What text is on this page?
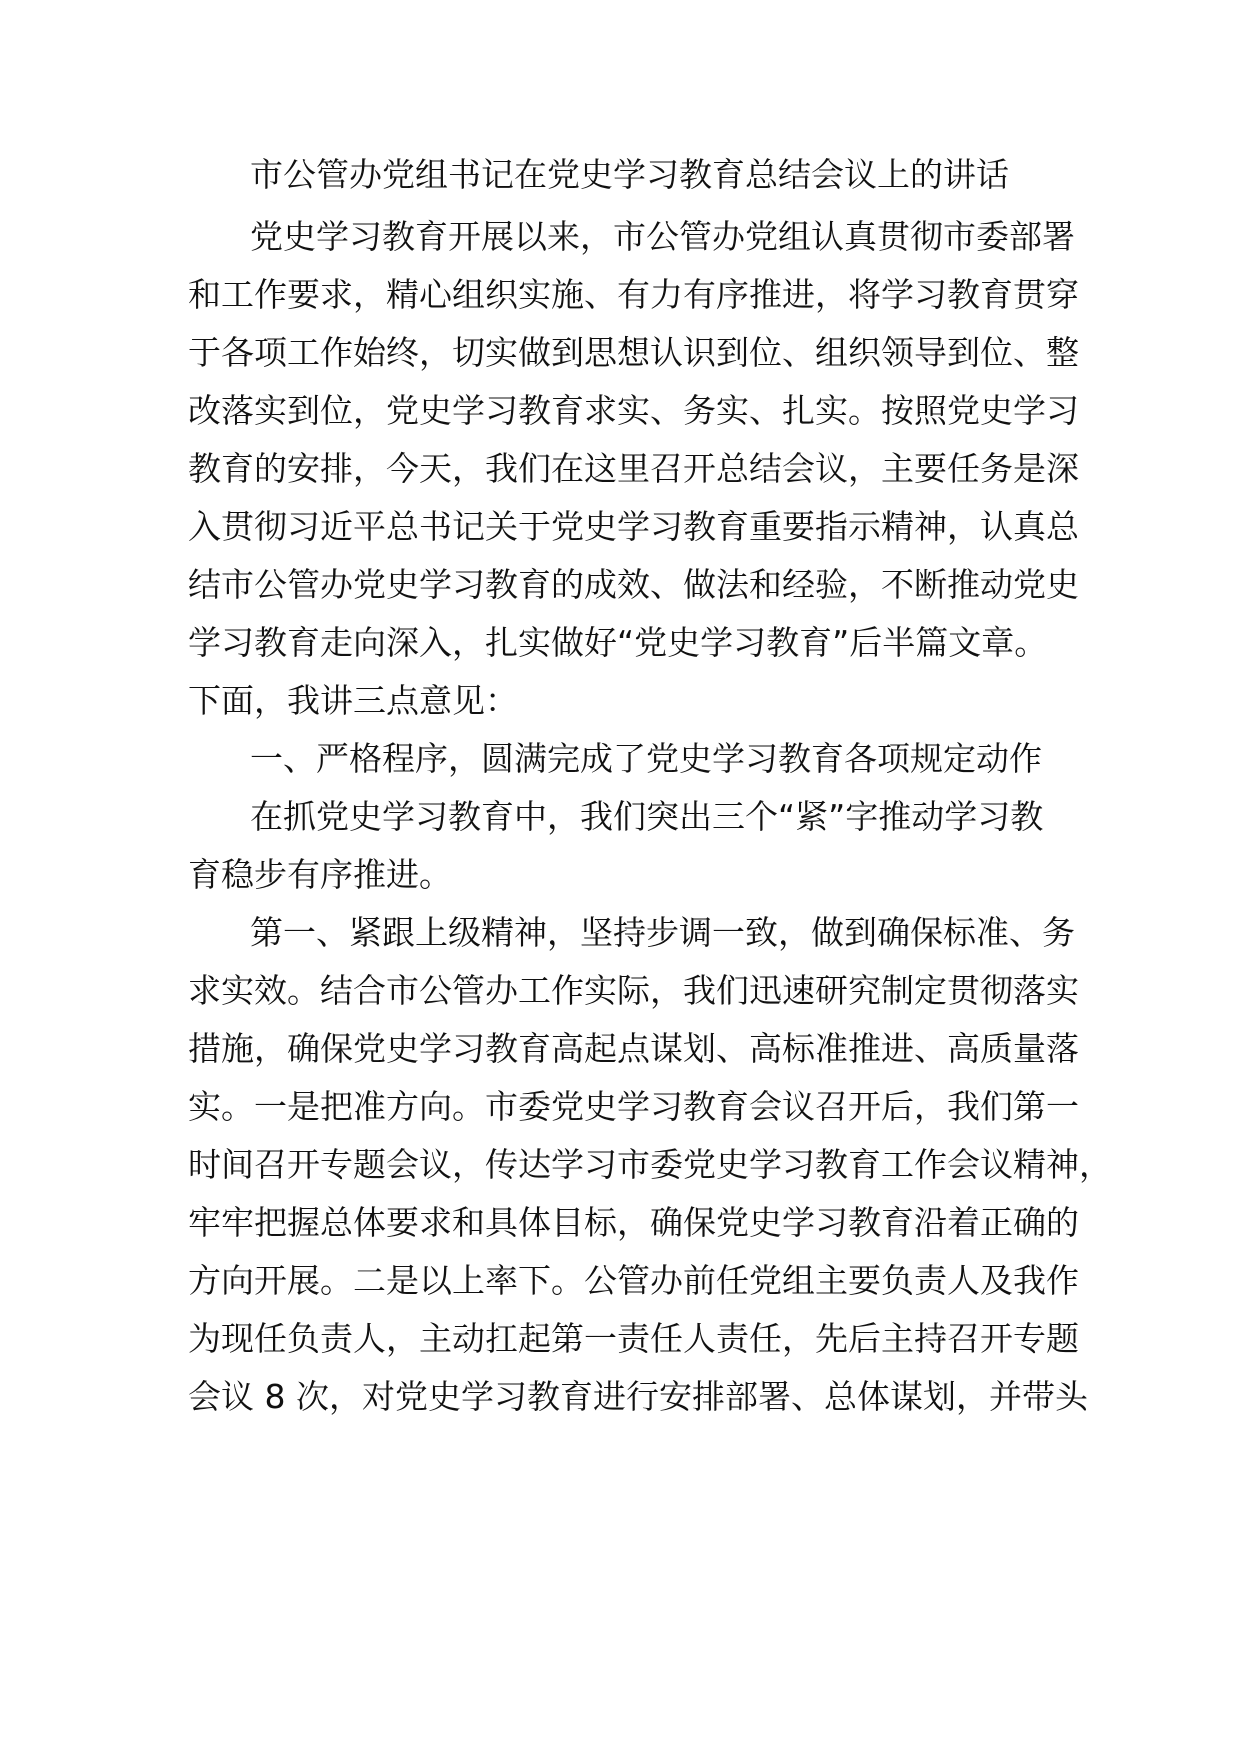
市公管办党组书记在党史学习教育总结会议上的讲话
党史学习教育开展以来，市公管办党组认真贯彻市委部署
和工作要求，精心组织实施、有力有序推进，将学习教育贯穿
于各项工作始终，切实做到思想认识到位、组织领导到位、整
改落实到位，党史学习教育求实、务实、扎实。按照党史学习
教育的安排，今天，我们在这里召开总结会议，主要任务是深
入贯彻习近平总书记关于党史学习教育重要指示精神，认真总
结市公管办党史学习教育的成效、做法和经验，不断推动党史
学习教育走向深入，扎实做好“党史学习教育”后半篇文章。
下面，我讲三点意见：
一、严格程序，圆满完成了党史学习教育各项规定动作
在抓党史学习教育中，我们突出三个“紧”字推动学习教
育稳步有序推进。
第一、紧跟上级精神，坚持步调一致，做到确保标准、务
求实效。结合市公管办工作实际，我们迅速研究制定贯彻落实
措施，确保党史学习教育高起点谋划、高标准推进、高质量落
实。一是把准方向。市委党史学习教育会议召开后，我们第一
时间召开专题会议，传达学习市委党史学习教育工作会议精神，
牢牢把握总体要求和具体目标，确保党史学习教育沿着正确的
方向开展。二是以上率下。公管办前任党组主要负责人及我作
为现任负责人，主动扛起第一责任人责任，先后主持召开专题
会议 8 次，对党史学习教育进行安排部署、总体谋划，并带头
